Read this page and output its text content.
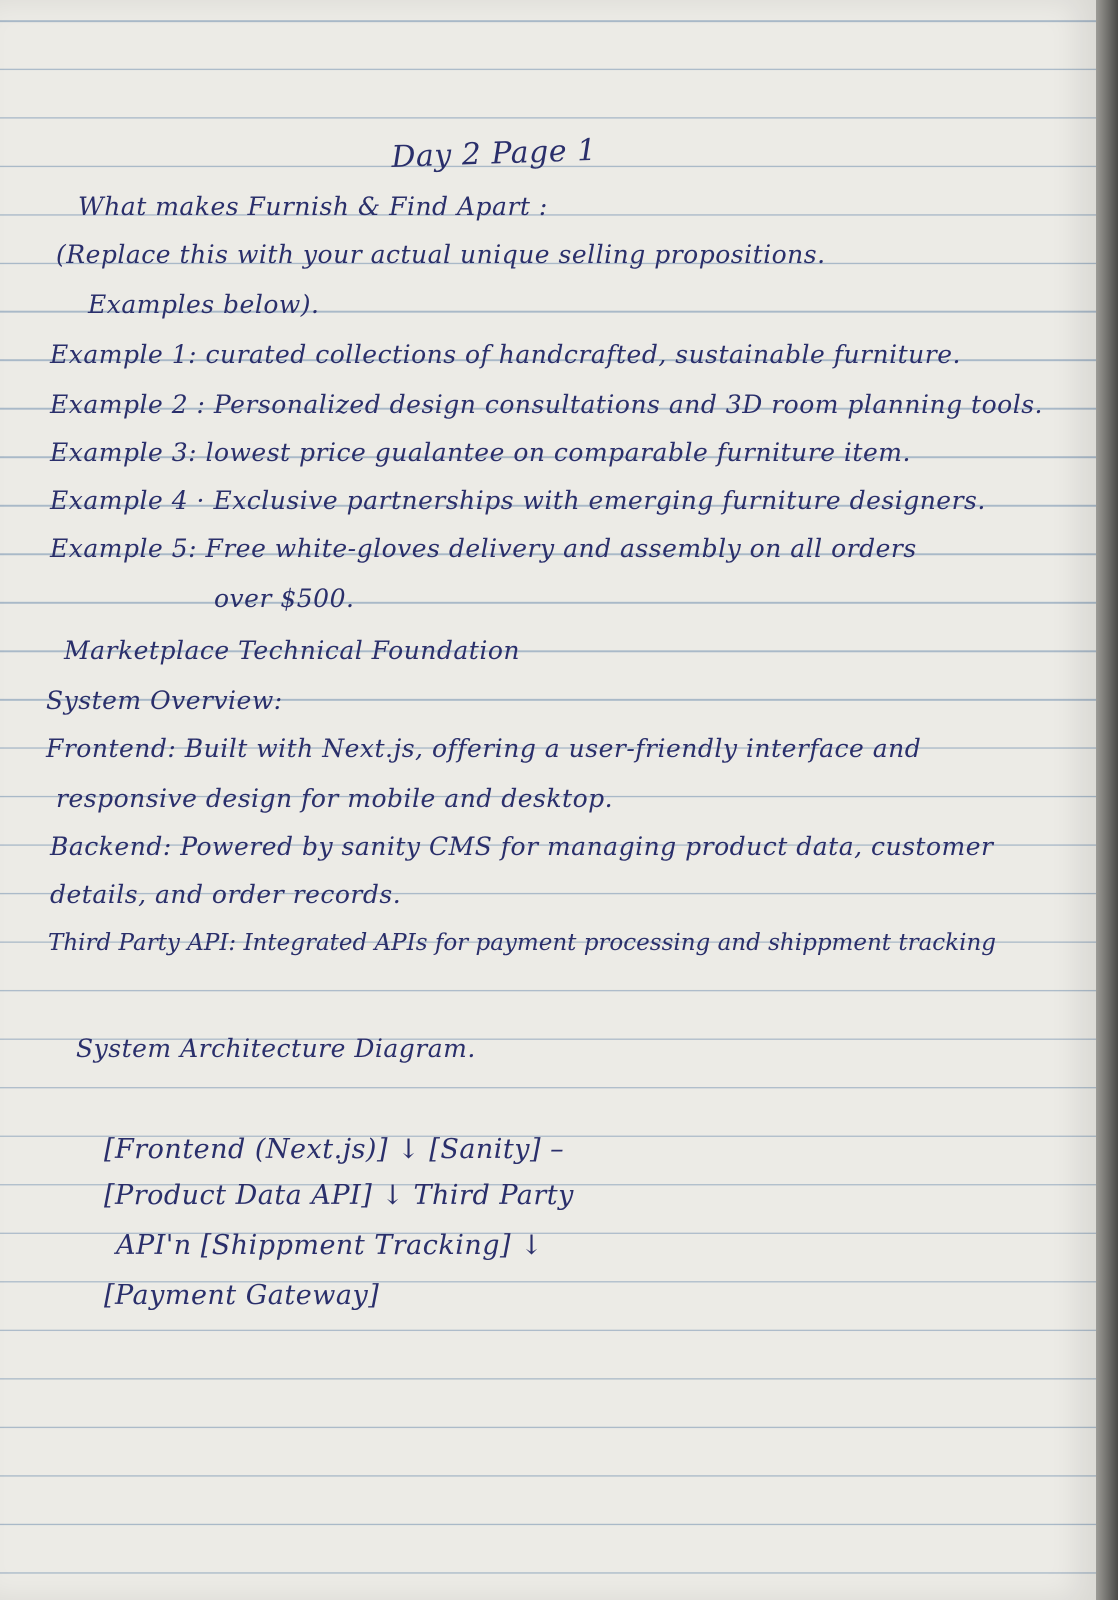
Day 2 Page 1
What makes Furnish & Find Apart :
(Replace this with your actual unique selling propositions.
Examples below).
Example 1: curated collections of handcrafted, sustainable furniture.
Example 2 : Personalized design consultations and 3D room planning tools.
Example 3: lowest price gualantee on comparable furniture item.
Example 4 · Exclusive partnerships with emerging furniture designers.
Example 5: Free white-gloves delivery and assembly on all orders
over $500.
Marketplace Technical Foundation
System Overview:
Frontend: Built with Next.js, offering a user-friendly interface and
responsive design for mobile and desktop.
Backend: Powered by sanity CMS for managing product data, customer
details, and order records.
Third Party API: Integrated APIs for payment processing and shippment tracking
System Architecture Diagram.
[Frontend (Next.js)] ↓ [Sanity] –
[Product Data API] ↓ Third Party
API'n [Shippment Tracking] ↓
[Payment Gateway]
